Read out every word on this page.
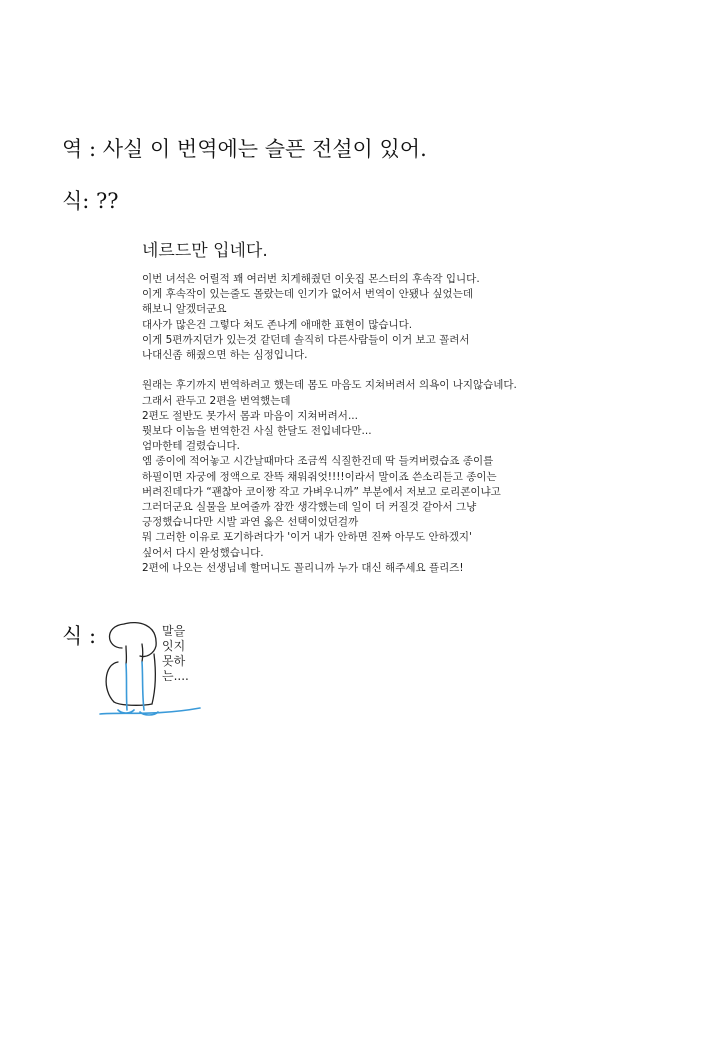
역 : 사실 이 번역에는 슬픈 전설이 있어.
식: ??
네르드만 입네다.
이번 녀석은 어릴적 꽤 여러번 치게해줬던 이웃집 몬스터의 후속작 입니다.
이게 후속작이 있는줄도 몰랐는데 인기가 없어서 번역이 안됐나 싶었는데
해보니 알겠더군요
대사가 많은건 그렇다 쳐도 존나게 애매한 표현이 많습니다.
이게 5편까지던가 있는것 같던데 솔직히 다른사람들이 이거 보고 꼴려서
나대신좀 해줬으면 하는 심정입니다.
원래는 후기까지 번역하려고 했는데 몸도 마음도 지쳐버려서 의욕이 나지않습네다.
그래서 관두고 2편을 번역했는데
2편도 절반도 못가서 몸과 마음이 지쳐버려서...
뭣보다 이놈을 번역한건 사실 한달도 전입네다만...
엄마한테 걸렸습니다.
엠 종이에 적어놓고 시간날때마다 조금씩 식질한건데 딱 들켜버렸습죠 종이를
하필이면 자궁에 정액으로 잔뜩 채워줘엇!!!!이라서 말이죠 쓴소리듣고 종이는
버려진데다가 “괜찮아 코이짱 작고 가벼우니까” 부분에서 저보고 로리콘이냐고
그러더군요 실물을 보여줄까 잠깐 생각했는데 일이 더 커질것 같아서 그냥
긍정했습니다만 시발 과연 옳은 선택이었던걸까
뭐 그러한 이유로 포기하려다가 '이거 내가 안하면 진짜 아무도 안하겠지'
싶어서 다시 완성했습니다.
2편에 나오는 선생님네 할머니도 꼴리니까 누가 대신 해주세요 플리즈!
식 :	말을
잇지
못하
는....
